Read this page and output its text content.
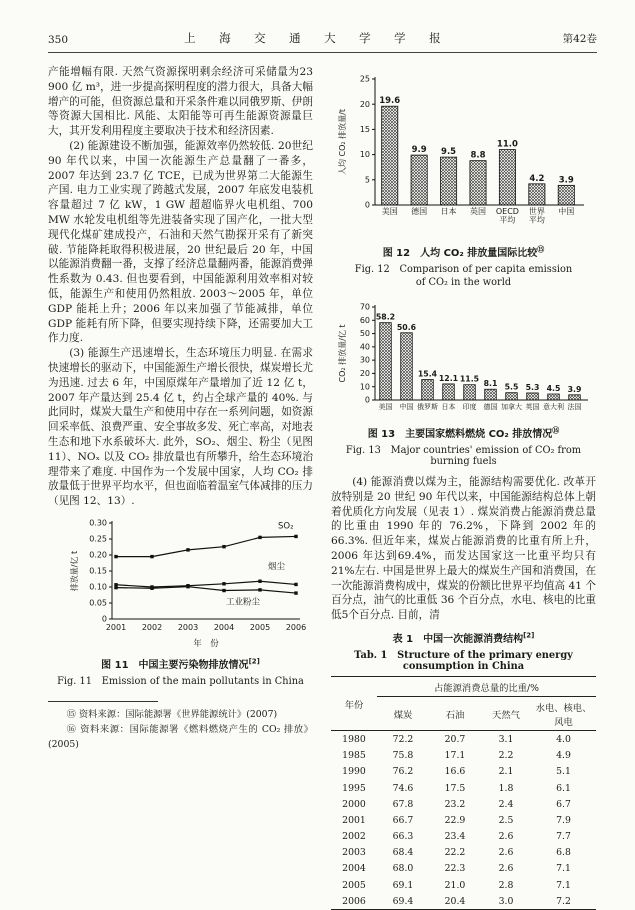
350	上　海　交　通　大　学　学　报	第42卷

产能增幅有限. 天然气资源探明剩余经济可采储量为23 900 亿 m³，进一步提高探明程度的潜力很大，具备大幅增产的可能，但资源总量和开采条件难以同俄罗斯、伊朗等资源大国相比. 风能、太阳能等可再生能源资源量巨大，其开发利用程度主要取决于技术和经济因素.

(2) 能源建设不断加强，能源效率仍然较低. 20世纪 90 年代以来，中国一次能源生产总量翻了一番多，2007 年达到 23.7 亿 TCE，已成为世界第二大能源生产国. 电力工业实现了跨越式发展，2007 年底发电装机容量超过 7 亿 kW，1 GW 超超临界火电机组、700 MW 水轮发电机组等先进装备实现了国产化，一批大型现代化煤矿建成投产，石油和天然气勘探开采有了新突破. 节能降耗取得积极进展，20 世纪最后 20 年，中国以能源消费翻一番，支撑了经济总量翻两番，能源消费弹性系数为 0.43. 但也要看到，中国能源利用效率相对较低，能源生产和使用仍然粗放. 2003～2005 年，单位 GDP 能耗上升；2006 年以来加强了节能减排，单位 GDP 能耗有所下降，但要实现持续下降，还需要加大工作力度.

(3) 能源生产迅速增长，生态环境压力明显. 在需求快速增长的驱动下，中国能源生产增长很快，煤炭增长尤为迅速. 过去 6 年，中国原煤年产量增加了近 12 亿 t，2007 年产量达到 25.4 亿 t，约占全球产量的 40%. 与此同时，煤炭大量生产和使用中存在一系列问题，如资源回采率低、浪费严重、安全事故多发、死亡率高，对地表生态和地下水系破坏大. 此外，SO₂、烟尘、粉尘（见图 11）、NOₓ 以及 CO₂ 排放量也有所攀升，给生态环境治理带来了难度. 中国作为一个发展中国家，人均 CO₂ 排放量低于世界平均水平，但也面临着温室气体减排的压力（见图 12、13）.

0
0.05
0.10
0.15
0.20
0.25
0.30
排放量/亿 t
2001 2002 2003 2004 2005 2006
年　份
SO₂
烟尘
工业粉尘
图 11　中国主要污染物排放情况[2]
Fig. 11　Emission of the main pollutants in China
⑮ 资料来源：国际能源署《世界能源统计》(2007)
⑯ 资料来源：国际能源署《燃料燃烧产生的 CO₂ 排放》(2005)
0
5
10
15
20
25
人均 CO₂ 排放量/t
19.6
美国
9.9
德国
9.5
日本
8.8
英国
11.0
OECD
平均
4.2
世界
平均
3.9
中国
图 12　人均 CO₂ 排放量国际比较⑮
Fig. 12　Comparison of per capita emission
of CO₂ in the world
0
10
20
30
40
50
60
70
CO₂ 排放量/亿 t
58.2
美国
50.6
中国
15.4
俄罗斯
12.1
日本
11.5
印度
8.1
德国
5.5
加拿大
5.3
英国
4.5
意大利
3.9
法国
图 13　主要国家燃料燃烧 CO₂ 排放情况⑯
Fig. 13　Major countries' emission of CO₂ from burning fuels

(4) 能源消费以煤为主，能源结构需要优化. 改革开放特别是 20 世纪 90 年代以来，中国能源结构总体上朝着优质化方向发展（见表 1）. 煤炭消费占能源消费总量的比重由 1990 年的 76.2%，下降到 2002 年的 66.3%. 但近年来，煤炭占能源消费的比重有所上升，2006 年达到69.4%，而发达国家这一比重平均只有 21%左右. 中国是世界上最大的煤炭生产国和消费国，在一次能源消费构成中，煤炭的份额比世界平均值高 41 个百分点，油气的比重低 36 个百分点，水电、核电的比重低5个百分点. 目前，清

表 1　中国一次能源消费结构[2]
Tab. 1　Structure of the primary energy consumption in China
年份	占能源消费总量的比重/%			
	煤炭	石油	天然气	水电、核电、风电
1980	72.2	20.7	3.1	4.0
1985	75.8	17.1	2.2	4.9
1990	76.2	16.6	2.1	5.1
1995	74.6	17.5	1.8	6.1
2000	67.8	23.2	2.4	6.7
2001	66.7	22.9	2.5	7.9
2002	66.3	23.4	2.6	7.7
2003	68.4	22.2	2.6	6.8
2004	68.0	22.3	2.6	7.1
2005	69.1	21.0	2.8	7.1
2006	69.4	20.4	3.0	7.2
